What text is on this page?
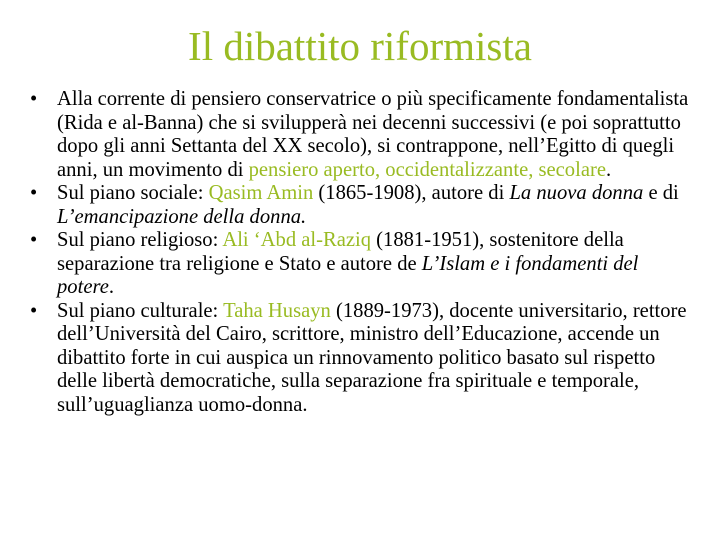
Il dibattito riformista
• Alla corrente di pensiero conservatrice o più specificamente fondamentalista (Rida e al-Banna) che si svilupperà nei decenni successivi (e poi soprattutto dopo gli anni Settanta del XX secolo), si contrappone, nell’Egitto di quegli anni, un movimento di pensiero aperto, occidentalizzante, secolare.
• Sul piano sociale: Qasim Amin (1865-1908), autore di La nuova donna e di L’emancipazione della donna.
• Sul piano religioso: Ali ‘Abd al-Raziq (1881-1951), sostenitore della separazione tra religione e Stato e autore de L’Islam e i fondamenti del potere.
• Sul piano culturale: Taha Husayn (1889-1973), docente universitario, rettore dell’Università del Cairo, scrittore, ministro dell’Educazione, accende un dibattito forte in cui auspica un rinnovamento politico basato sul rispetto delle libertà democratiche, sulla separazione fra spirituale e temporale, sull’uguaglianza uomo-donna.
